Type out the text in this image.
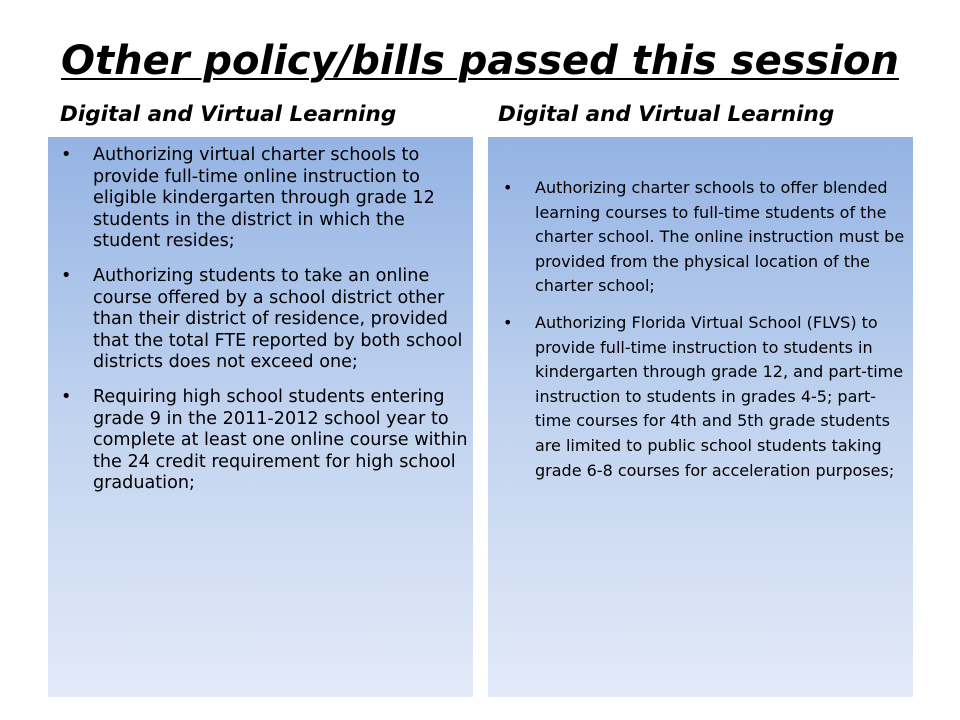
Other policy/bills passed this session
Digital and Virtual Learning	Digital and Virtual Learning
• Authorizing virtual charter schools to provide full-time online instruction to eligible kindergarten through grade 12 students in the district in which the student resides;
• Authorizing students to take an online course offered by a school district other than their district of residence, provided that the total FTE reported by both school districts does not exceed one;
• Requiring high school students entering grade 9 in the 2011-2012 school year to complete at least one online course within the 24 credit requirement for high school graduation;
• Authorizing charter schools to offer blended learning courses to full-time students of the charter school. The online instruction must be provided from the physical location of the charter school;
• Authorizing Florida Virtual School (FLVS) to provide full-time instruction to students in kindergarten through grade 12, and part-time instruction to students in grades 4-5; part-time courses for 4th and 5th grade students are limited to public school students taking grade 6-8 courses for acceleration purposes;
